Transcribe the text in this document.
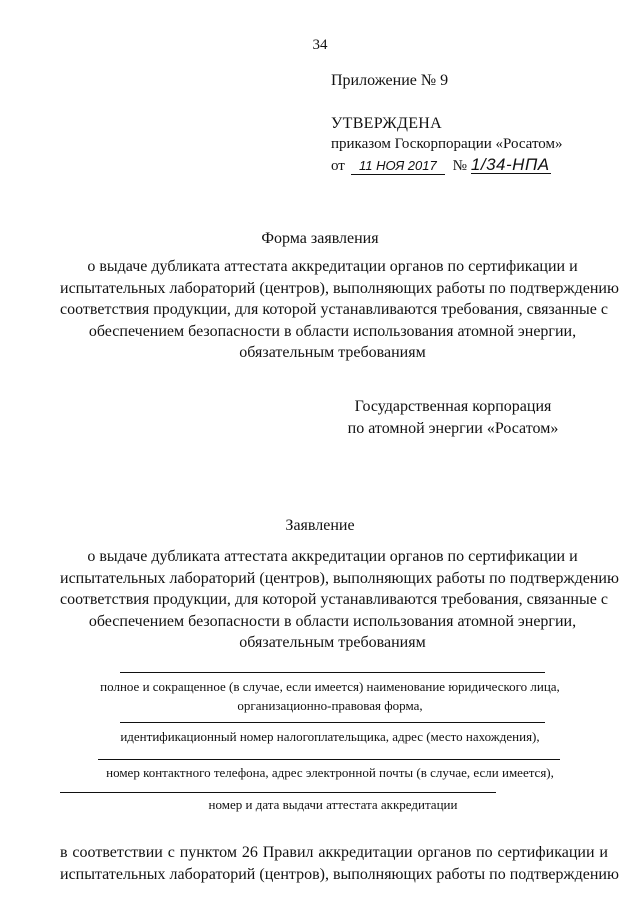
34
Приложение № 9
УТВЕРЖДЕНА
приказом Госкорпорации «Росатом»
от 11 НОЯ 2017 № 1/34-НПА
Форма заявления
о выдаче дубликата аттестата аккредитации органов по сертификации и
испытательных лабораторий (центров), выполняющих работы по подтверждению
соответствия продукции, для которой устанавливаются требования, связанные с
обеспечением безопасности в области использования атомной энергии,
обязательным требованиям
Государственная корпорация
по атомной энергии «Росатом»
Заявление
о выдаче дубликата аттестата аккредитации органов по сертификации и
испытательных лабораторий (центров), выполняющих работы по подтверждению
соответствия продукции, для которой устанавливаются требования, связанные с
обеспечением безопасности в области использования атомной энергии,
обязательным требованиям
полное и сокращенное (в случае, если имеется) наименование юридического лица,
организационно-правовая форма,
идентификационный номер налогоплательщика, адрес (место нахождения),
номер контактного телефона, адрес электронной почты (в случае, если имеется),
номер и дата выдачи аттестата аккредитации
в соответствии с пунктом 26 Правил аккредитации органов по сертификации и
испытательных лабораторий (центров), выполняющих работы по подтверждению
